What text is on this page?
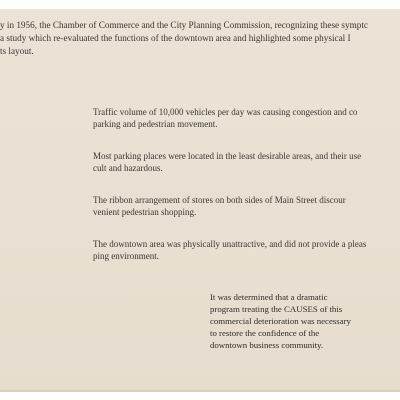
y in 1956, the Chamber of Commerce and the City Planning Commission, recognizing these symptc

a study which re-evaluated the functions of the downtown area and highlighted some physical I

ts layout.

Traffic volume of 10,000 vehicles per day was causing congestion and co

parking and pedestrian movement.

Most parking places were located in the least desirable areas, and their use

cult and hazardous.

The ribbon arrangement of stores on both sides of Main Street discour

venient pedestrian shopping.

The downtown area was physically unattractive, and did not provide a pleas

ping environment.

It was determined that a dramatic

program treating the CAUSES of this

commercial deterioration was necessary

to restore the confidence of the

downtown business community.
